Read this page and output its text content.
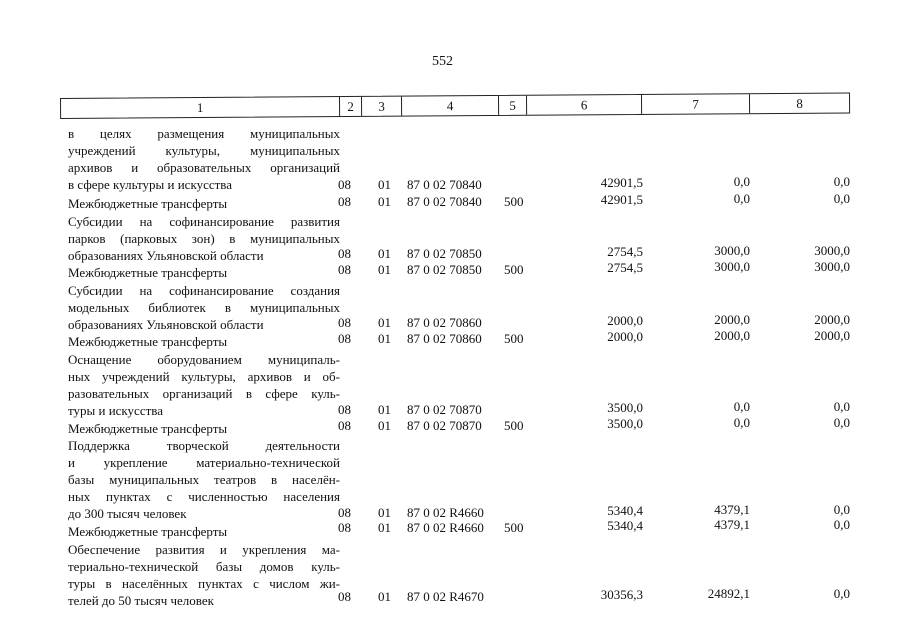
552
1	2	3	4	5	6	7	8
в целях размещения муниципальных
учреждений культуры, муниципальных
архивов и образовательных организаций
в сфере культуры и искусства	08 01 87 0 02 70840	42901,5	0,0	0,0
Межбюджетные трансферты	08 01 87 0 02 70840 500	42901,5	0,0	0,0
Субсидии на софинансирование развития
парков (парковых зон) в муниципальных
образованиях Ульяновской области	08 01 87 0 02 70850	2754,5	3000,0	3000,0
Межбюджетные трансферты	08 01 87 0 02 70850 500	2754,5	3000,0	3000,0
Субсидии на софинансирование создания
модельных библиотек в муниципальных
образованиях Ульяновской области	08 01 87 0 02 70860	2000,0	2000,0	2000,0
Межбюджетные трансферты	08 01 87 0 02 70860 500	2000,0	2000,0	2000,0
Оснащение оборудованием муниципаль-
ных учреждений культуры, архивов и об-
разовательных организаций в сфере куль-
туры и искусства	08 01 87 0 02 70870	3500,0	0,0	0,0
Межбюджетные трансферты	08 01 87 0 02 70870 500	3500,0	0,0	0,0
Поддержка творческой деятельности
и укрепление материально-технической
базы муниципальных театров в населён-
ных пунктах с численностью населения
до 300 тысяч человек	08 01 87 0 02 R4660	5340,4	4379,1	0,0
Межбюджетные трансферты	08 01 87 0 02 R4660 500	5340,4	4379,1	0,0
Обеспечение развития и укрепления ма-
териально-технической базы домов куль-
туры в населённых пунктах с числом жи-
телей до 50 тысяч человек	08 01 87 0 02 R4670	30356,3	24892,1	0,0
